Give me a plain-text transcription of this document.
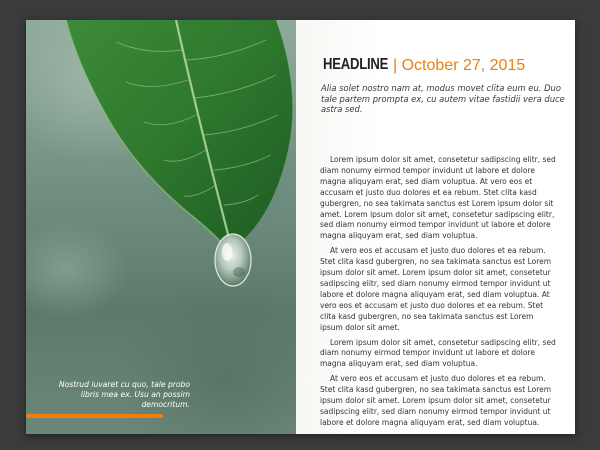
Nostrud iuvaret cu quo, tale probo libris mea ex. Usu an possim democritum.
HEADLINE | October 27, 2015
Alia solet nostro nam at, modus movet clita eum eu. Duo tale partem prompta ex, cu autem vitae fastidii vera duce astra sed.

Lorem ipsum dolor sit amet, consetetur sadipscing elitr, sed diam nonumy eirmod tempor invidunt ut labore et dolore magna aliquyam erat, sed diam voluptua. At vero eos et accusam et justo duo dolores et ea rebum. Stet clita kasd gubergren, no sea takimata sanctus est Lorem ipsum dolor sit amet. Lorem ipsum dolor sit amet, consetetur sadipscing elitr, sed diam nonumy eirmod tempor invidunt ut labore et dolore magna aliquyam erat, sed diam voluptua.

At vero eos et accusam et justo duo dolores et ea rebum. Stet clita kasd gubergren, no sea takimata sanctus est Lorem ipsum dolor sit amet. Lorem ipsum dolor sit amet, consetetur sadipscing elitr, sed diam nonumy eirmod tempor invidunt ut labore et dolore magna aliquyam erat, sed diam voluptua. At vero eos et accusam et justo duo dolores et ea rebum. Stet clita kasd gubergren, no sea takimata sanctus est Lorem ipsum dolor sit amet.

Lorem ipsum dolor sit amet, consetetur sadipscing elitr, sed diam nonumy eirmod tempor invidunt ut labore et dolore magna aliquyam erat, sed diam voluptua.

At vero eos et accusam et justo duo dolores et ea rebum. Stet clita kasd gubergren, no sea takimata sanctus est Lorem ipsum dolor sit amet. Lorem ipsum dolor sit amet, consetetur sadipscing elitr, sed diam nonumy eirmod tempor invidunt ut labore et dolore magna aliquyam erat, sed diam voluptua.
